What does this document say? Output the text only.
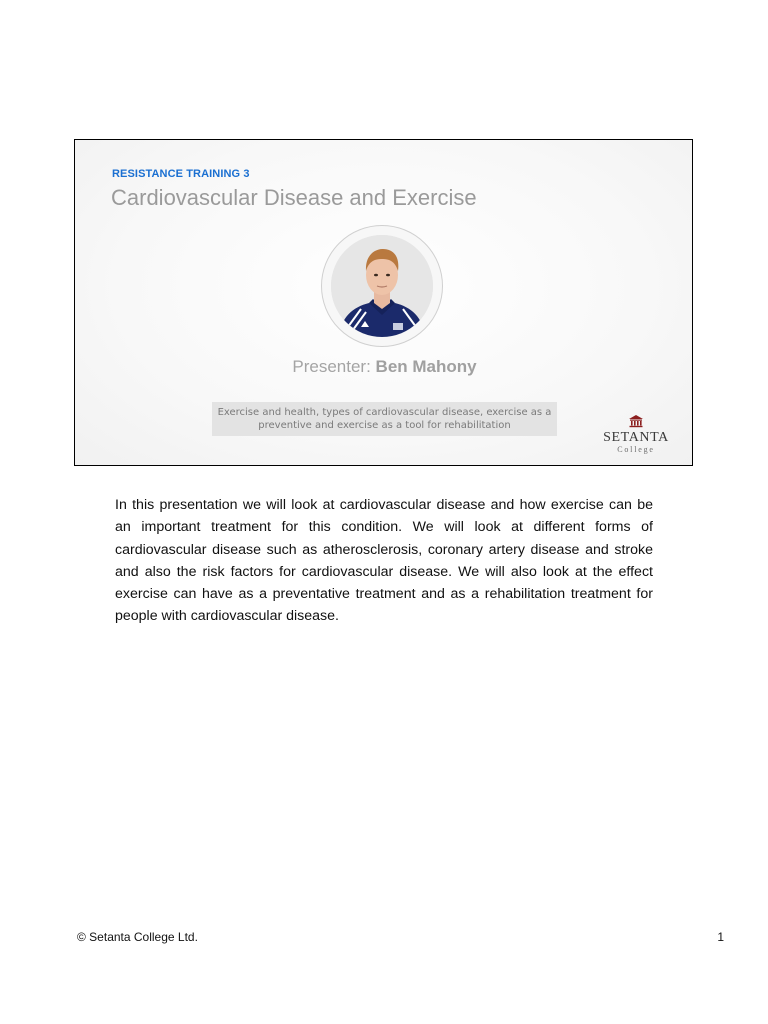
RESISTANCE TRAINING 3
Cardiovascular Disease and Exercise
Presenter: Ben Mahony
Exercise and health, types of cardiovascular disease, exercise as a
preventive and exercise as a tool for rehabilitation
SETANTA
College
In this presentation we will look at cardiovascular disease and how exercise can be an important treatment for this condition. We will look at different forms of cardiovascular disease such as atherosclerosis, coronary artery disease and stroke and also the risk factors for cardiovascular disease. We will also look at the effect exercise can have as a preventative treatment and as a rehabilitation treatment for people with cardiovascular disease.
© Setanta College Ltd.	1
